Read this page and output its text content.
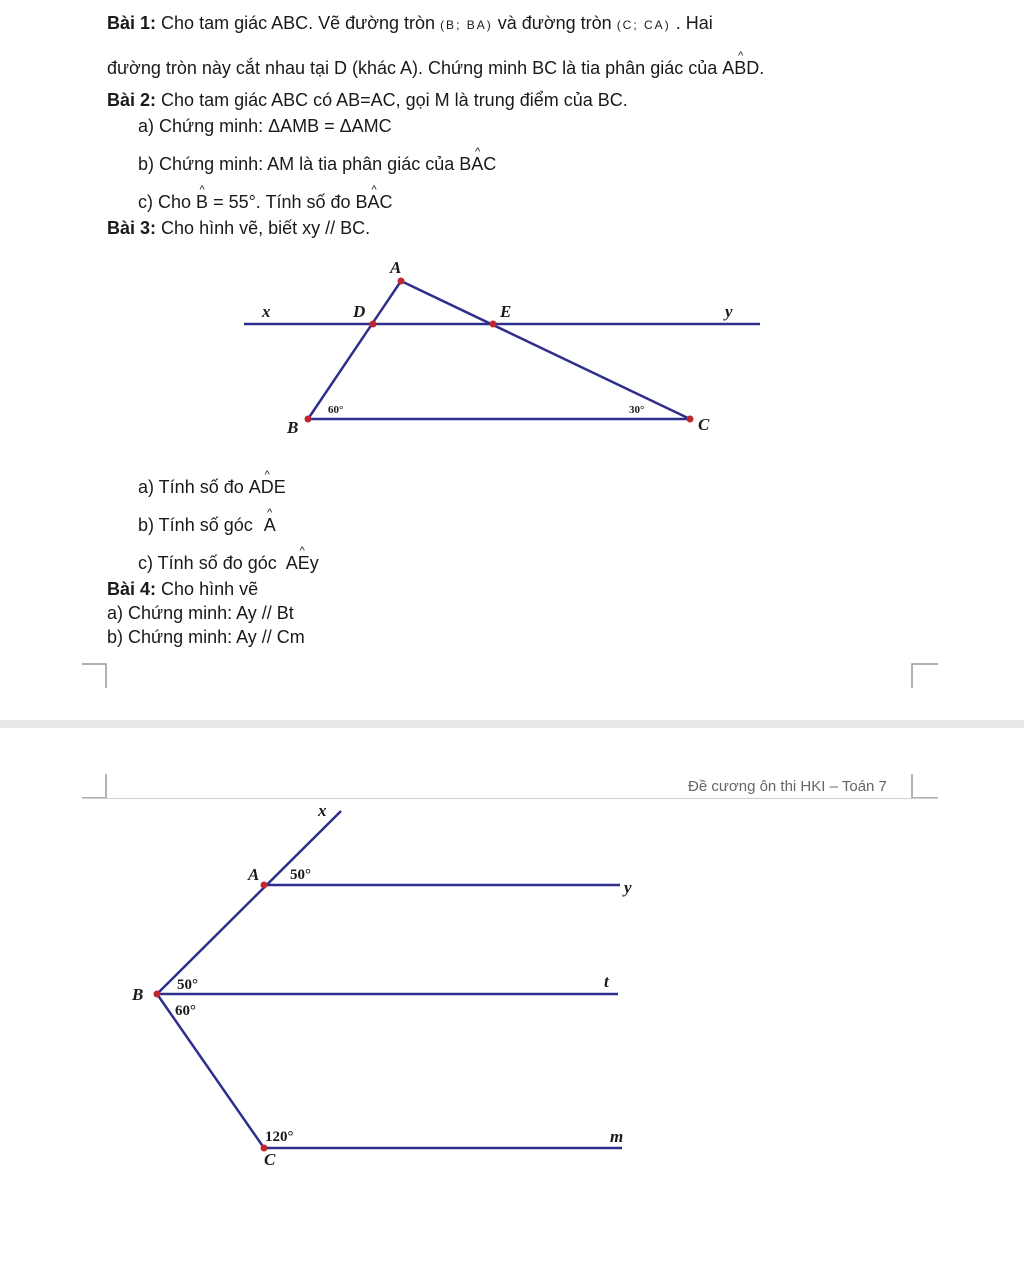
Bài 1: Cho tam giác ABC. Vẽ đường tròn (B; BA) và đường tròn (C; CA) . Hai
đường tròn này cắt nhau tại D (khác A). Chứng minh BC là tia phân giác của ^ ABD.
Bài 2: Cho tam giác ABC có AB=AC, gọi M là trung điểm của BC.
a) Chứng minh: ΔAMB = ΔAMC
b) Chứng minh: AM là tia phân giác của ^ BAC
c) Cho ^ B = 55°. Tính số đo ^ BAC
Bài 3: Cho hình vẽ, biết xy // BC.
A
D	E
x	y
B	C
60°	30°
a) Tính số đo ^ ADE
b) Tính số góc ^ A
c) Tính số đo góc ^ AEy
Bài 4: Cho hình vẽ
a) Chứng minh: Ay // Bt
b) Chứng minh: Ay // Cm
Đề cương ôn thi HKI – Toán 7
x
A
y
B
t
C
m
50°
50°
60°
120°
